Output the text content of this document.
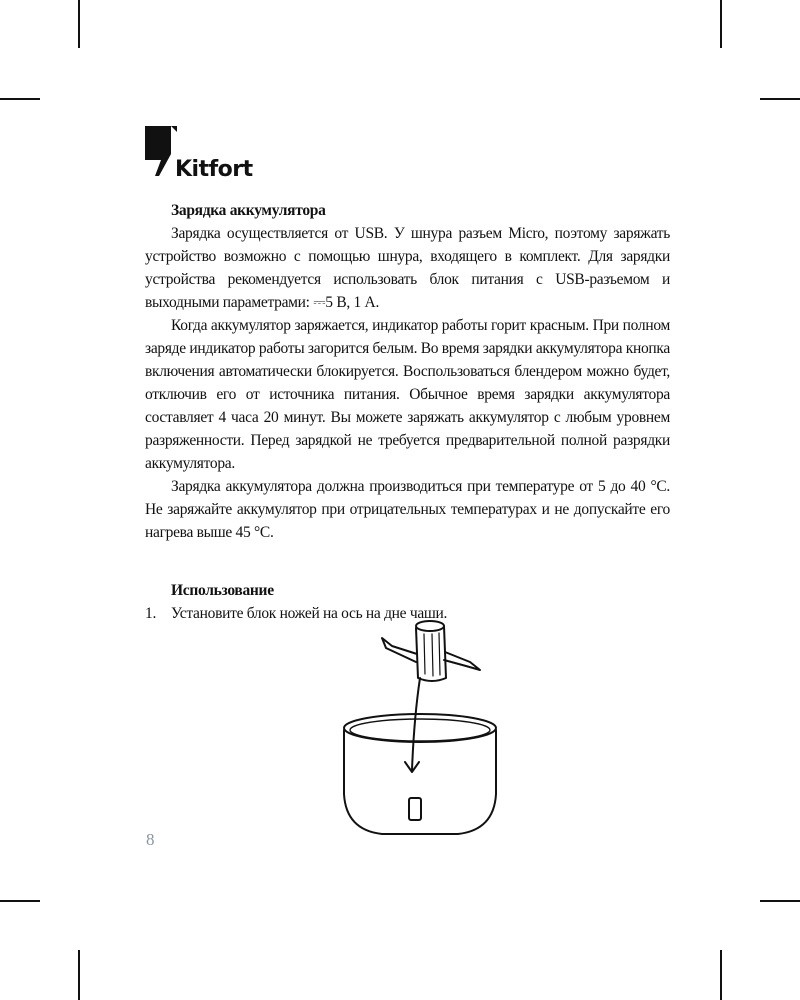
Kitfort
Зарядка аккумулятора

Зарядка осуществляется от USB. У шнура разъем Micro, поэтому заряжать устройство возможно с помощью шнура, входящего в комплект. Для зарядки устройства рекомендуется использовать блок питания с USB-разъемом и выходными параметрами: ⎓5 В, 1 А.

Когда аккумулятор заряжается, индикатор работы горит красным. При полном заряде индикатор работы загорится белым. Во время зарядки аккумулятора кнопка включения автоматически блокируется. Воспользоваться блендером можно будет, отключив его от источника питания. Обычное время зарядки аккумулятора составляет 4 часа 20 минут. Вы можете заряжать аккумулятор с любым уровнем разряженности. Перед зарядкой не требуется предварительной полной разрядки аккумулятора.

Зарядка аккумулятора должна производиться при температуре от 5 до 40 °С. Не заряжайте аккумулятор при отрицательных температурах и не допускайте его нагрева выше 45 °С.

Использование
1. Установите блок ножей на ось на дне чаши.
8
